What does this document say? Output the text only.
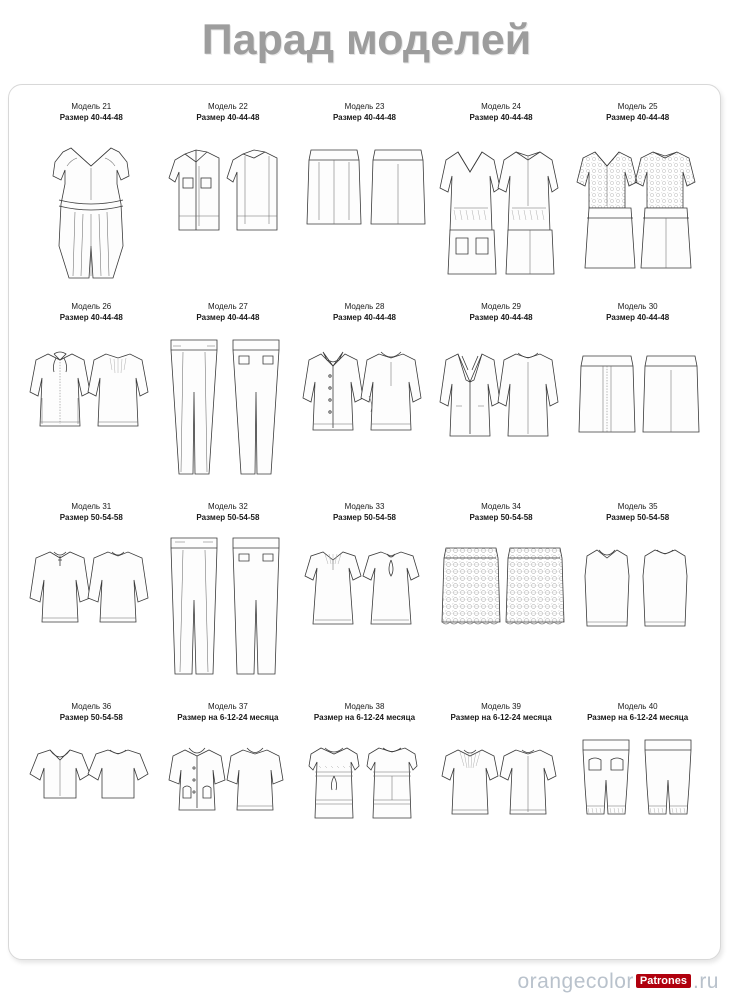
Парад моделей
Модель 21
Размер 40-44-48
Модель 22
Размер 40-44-48
Модель 23
Размер 40-44-48
Модель 24
Размер 40-44-48
Модель 25
Размер 40-44-48
Модель 26
Размер 40-44-48
Модель 27
Размер 40-44-48
Модель 28
Размер 40-44-48
Модель 29
Размер 40-44-48
Модель 30
Размер 40-44-48
Модель 31
Размер 50-54-58
Модель 32
Размер 50-54-58
Модель 33
Размер 50-54-58
Модель 34
Размер 50-54-58
Модель 35
Размер 50-54-58
Модель 36
Размер 50-54-58
Модель 37
Размер на 6-12-24 месяца
Модель 38
Размер на 6-12-24 месяца
Модель 39
Размер на 6-12-24 месяца
Модель 40
Размер на 6-12-24 месяца
orangecolor Patrones .ru
